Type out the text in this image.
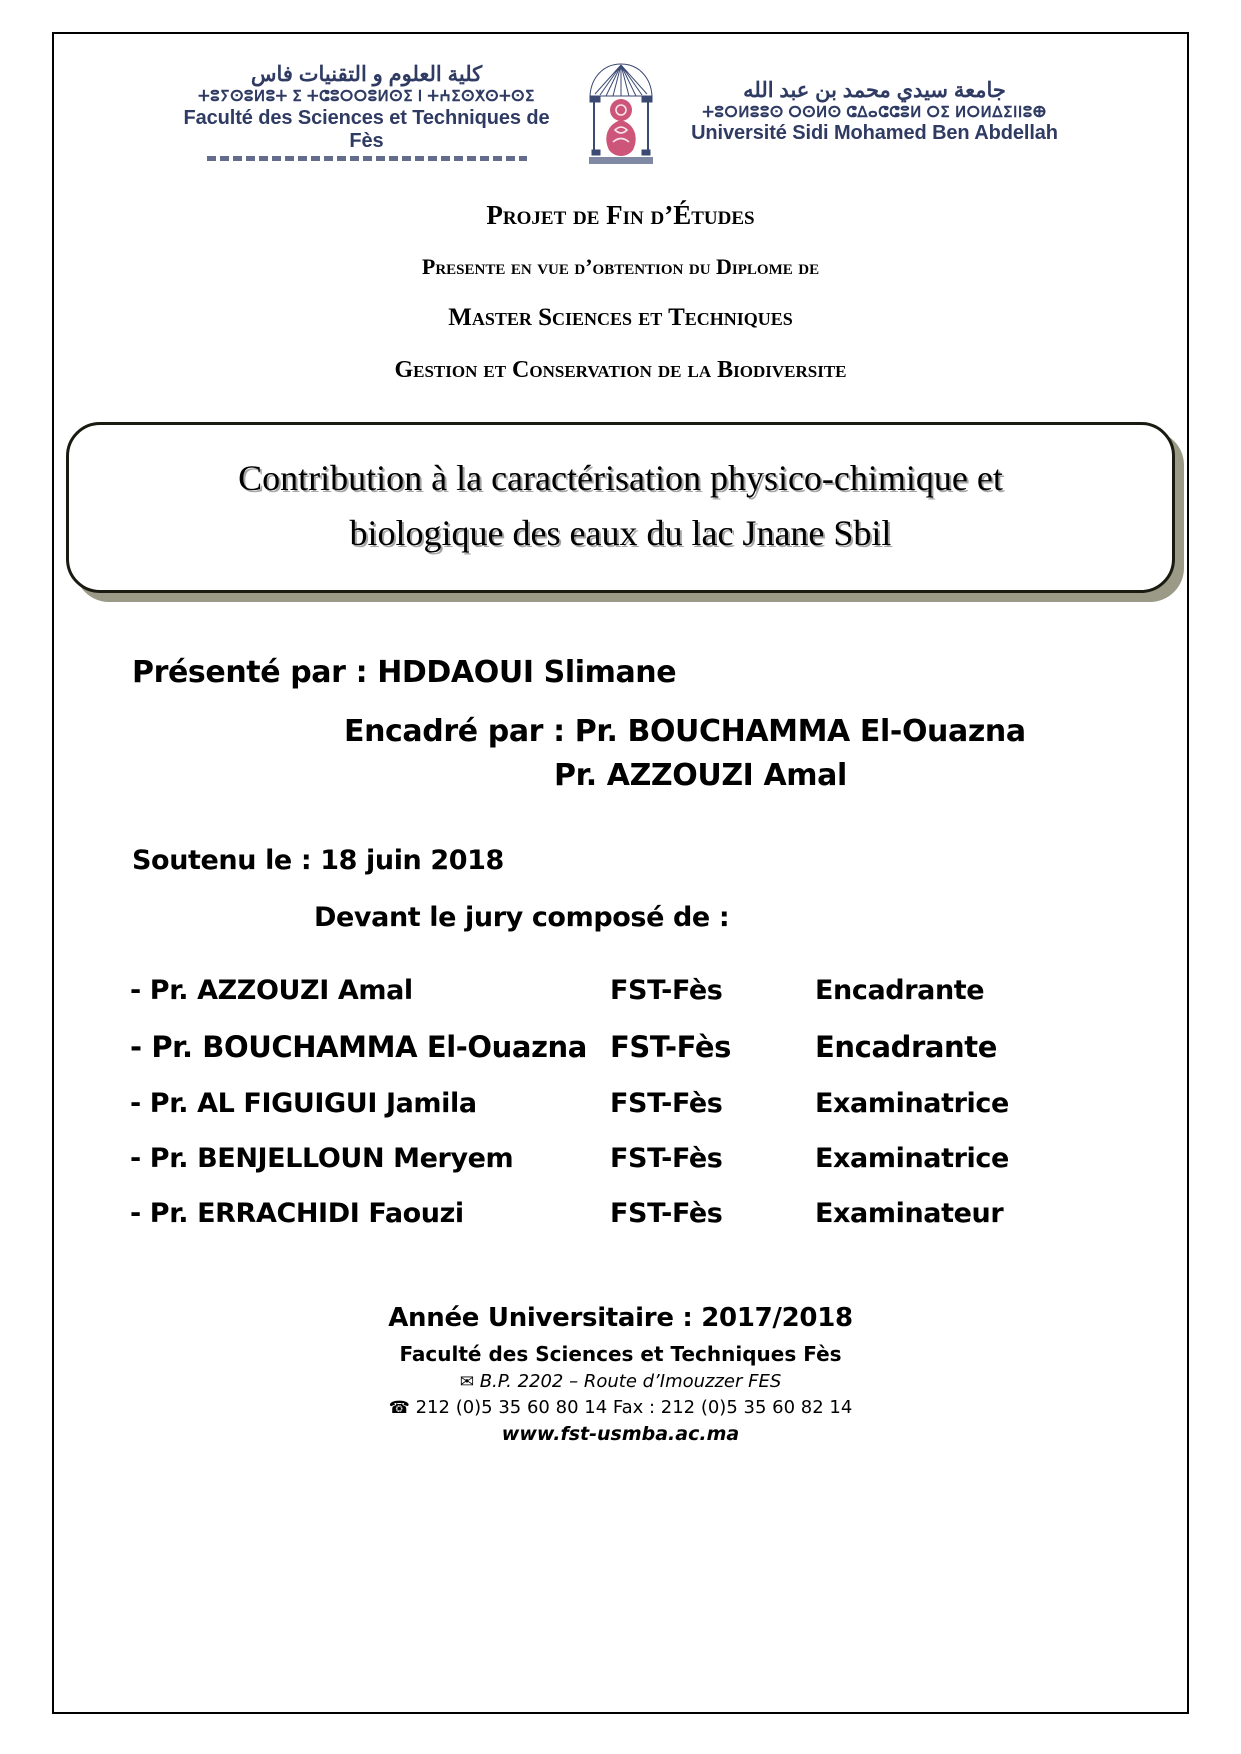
كلية العلوم و التقنيات فاس
ⵜⵓⵢⵙⵓⵍⵓⵜ ⵉ ⵜⵛⵓⵔⵔⵓⵍⵙⵉ ⵏ ⵜⵄⵉⵙⵅⵙⵜⵙⵉ
Faculté des Sciences et Techniques de Fès
جامعة سيدي محمد بن عبد الله
ⵜⵓⵔⵍⵓⵓⵙ ⵔⵙⵍⵙ ⵛⵠⴰⵛⵛⵓⵍ ⵔⵉ ⵍⵔⵍⵠⵉⵏⵏⵓⴲ
Université Sidi Mohamed Ben Abdellah
Projet de Fin d’Études
Presente en vue d’obtention du Diplome de
Master Sciences et Techniques
Gestion et Conservation de la Biodiversite
Contribution à la caractérisation physico-chimique et
biologique des eaux du lac Jnane Sbil
Présenté par : HDDAOUI Slimane
Encadré par : Pr. BOUCHAMMA El-Ouazna
Pr. AZZOUZI Amal
Soutenu le : 18 juin 2018
Devant le jury composé de :
- Pr. AZZOUZI Amal	FST-Fès	Encadrante
- Pr. BOUCHAMMA El-Ouazna	FST-Fès	Encadrante
- Pr. AL FIGUIGUI Jamila	FST-Fès	Examinatrice
- Pr. BENJELLOUN Meryem	FST-Fès	Examinatrice
- Pr. ERRACHIDI Faouzi	FST-Fès	Examinateur
Année Universitaire : 2017/2018
Faculté des Sciences et Techniques Fès
✉ B.P. 2202 – Route d’Imouzzer FES
☎ 212 (0)5 35 60 80 14 Fax : 212 (0)5 35 60 82 14
www.fst-usmba.ac.ma
